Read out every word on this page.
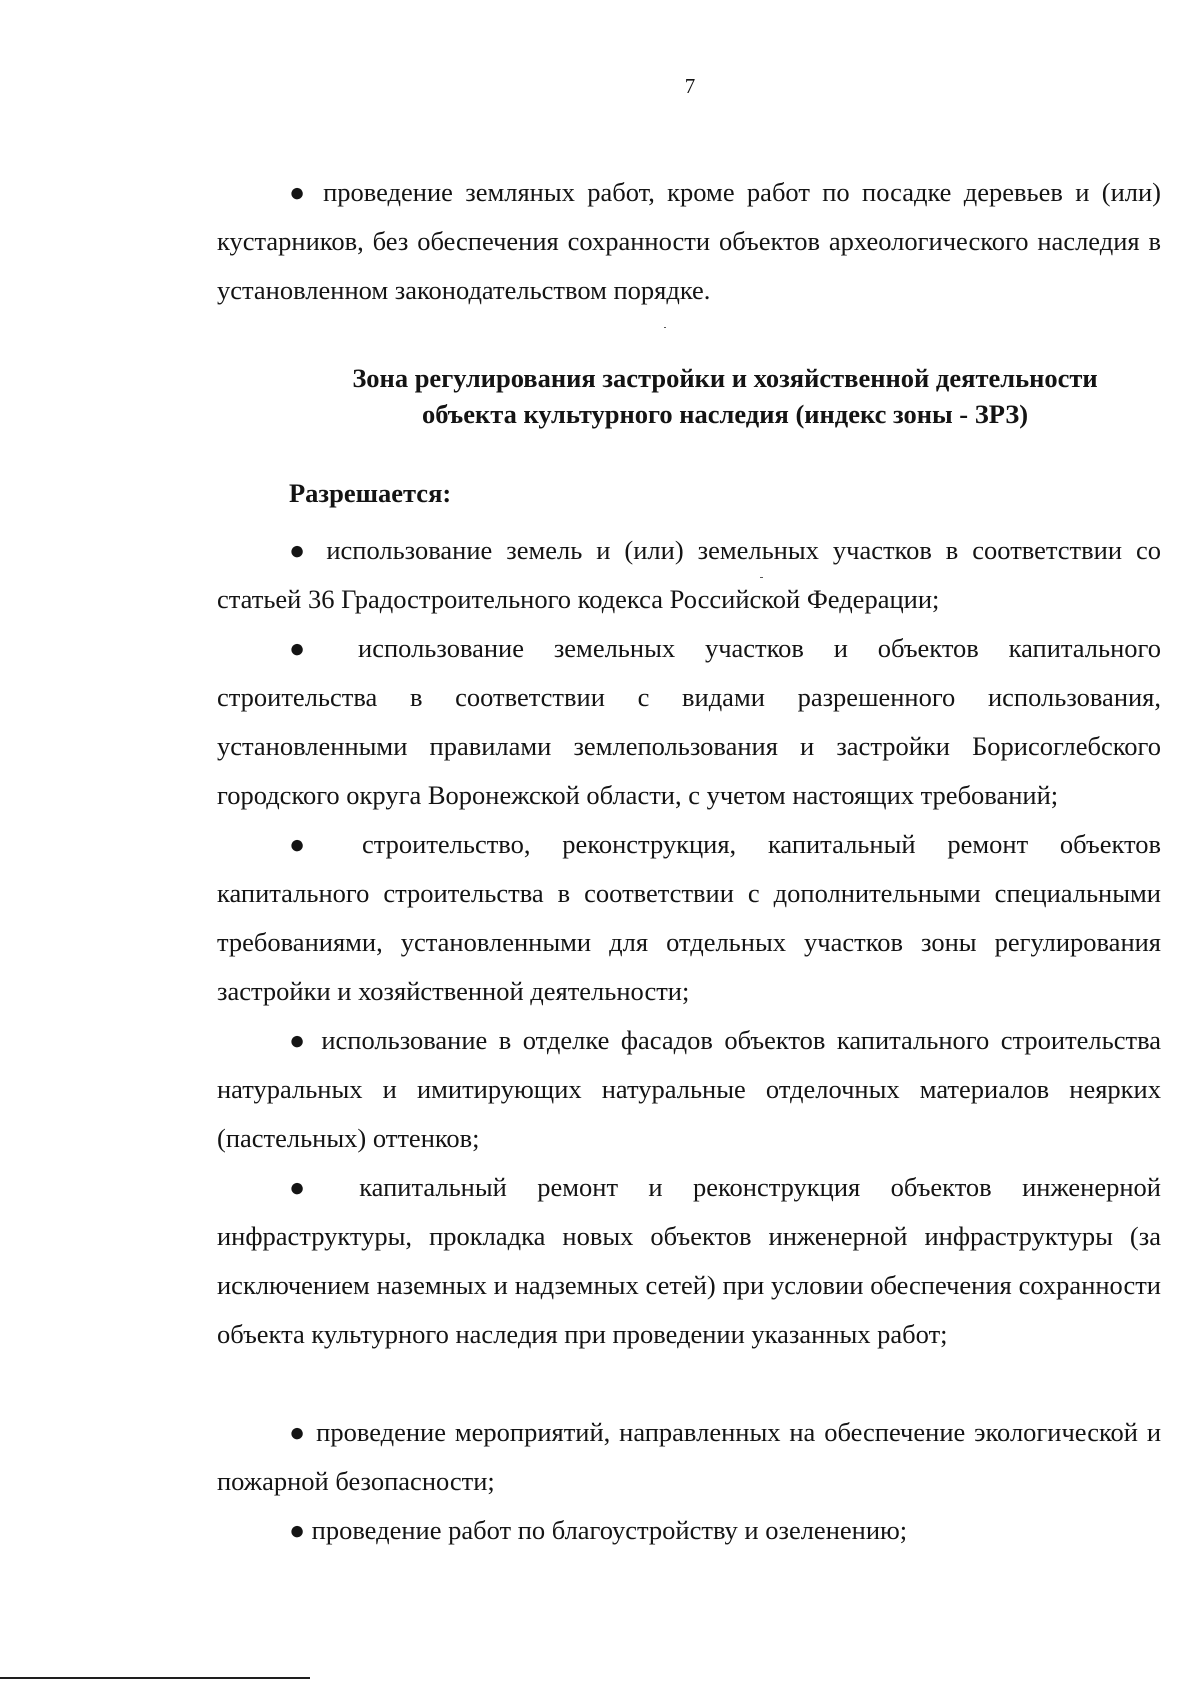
7

● проведение земляных работ, кроме работ по посадке деревьев и (или) кустарников, без обеспечения сохранности объектов археологического наследия в установленном законодательством порядке.

Зона регулирования застройки и хозяйственной деятельности
объекта культурного наследия (индекс зоны - ЗРЗ)
Разрешается:

● использование земель и (или) земельных участков в соответствии со статьей 36 Градостроительного кодекса Российской Федерации;

● использование земельных участков и объектов капитального строительства в соответствии с видами разрешенного использования, установленными правилами землепользования и застройки Борисоглебского городского округа Воронежской области, с учетом настоящих требований;

● строительство, реконструкция, капитальный ремонт объектов капитального строительства в соответствии с дополнительными специальными требованиями, установленными для отдельных участков зоны регулирования застройки и хозяйственной деятельности;

● использование в отделке фасадов объектов капитального строительства натуральных и имитирующих натуральные отделочных материалов неярких (пастельных) оттенков;

● капитальный ремонт и реконструкция объектов инженерной инфраструктуры, прокладка новых объектов инженерной инфраструктуры (за исключением наземных и надземных сетей) при условии обеспечения сохранности объекта культурного наследия при проведении указанных работ;

● проведение мероприятий, направленных на обеспечение экологической и пожарной безопасности;

● проведение работ по благоустройству и озеленению;
